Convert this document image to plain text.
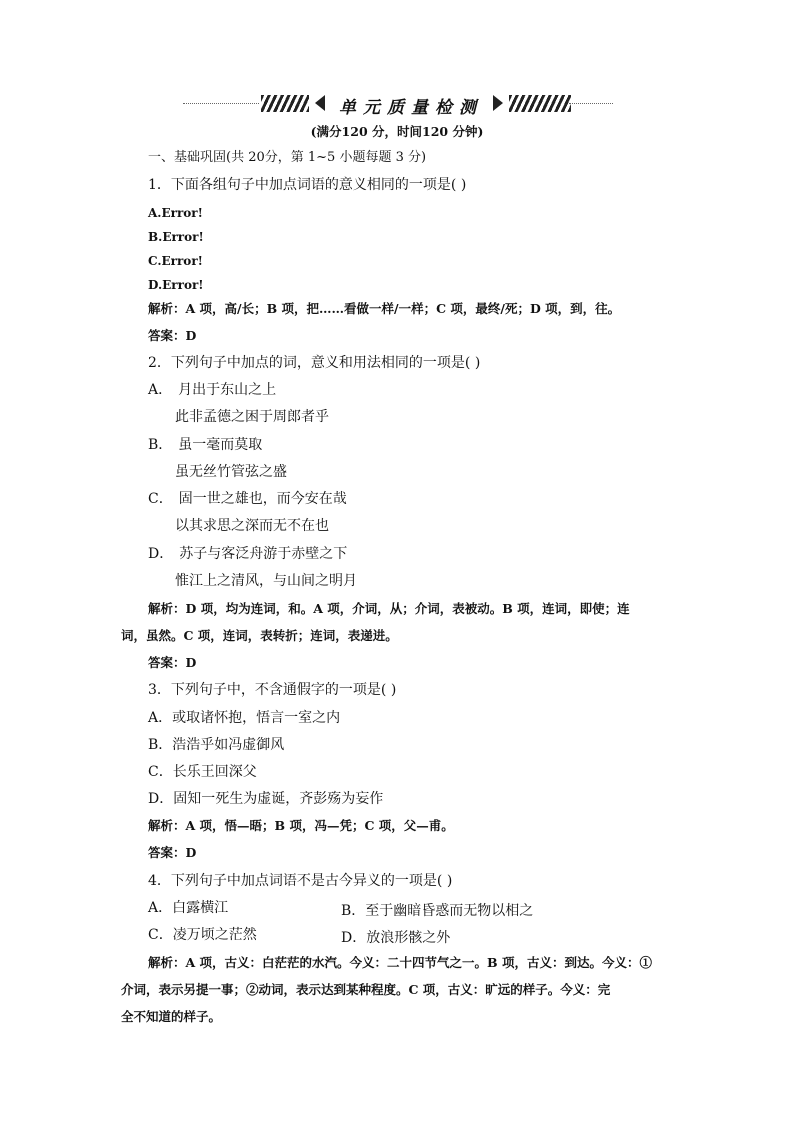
单元质量检测
(满分120 分，时间120 分钟)
一、基础巩固(共 20分，第 1~5 小题每题 3 分)
1．下面各组句子中加点词语的意义相同的一项是( )
A.Error!
B.Error!
C.Error!
D.Error!
解析：A 项，高/长；B 项，把……看做一样/一样；C 项，最终/死；D 项，到，往。
答案：D
2．下列句子中加点的词，意义和用法相同的一项是( )
A． 月出于东山之上
此非孟德之困于周郎者乎
B． 虽一毫而莫取
虽无丝竹管弦之盛
C． 固一世之雄也，而今安在哉
以其求思之深而无不在也
D． 苏子与客泛舟游于赤壁之下
惟江上之清风，与山间之明月
解析：D 项，均为连词，和。A 项，介词，从；介词，表被动。B 项，连词，即使；连
词，虽然。C 项，连词，表转折；连词，表递进。
答案：D
3．下列句子中，不含通假字的一项是( )
A．或取诸怀抱，悟言一室之内
B．浩浩乎如冯虚御风
C．长乐王回深父
D．固知一死生为虚诞，齐彭殇为妄作
解析：A 项，悟—晤；B 项，冯—凭；C 项，父—甫。
答案：D
4．下列句子中加点词语不是古今异义的一项是( )
A．白露横江	B．至于幽暗昏惑而无物以相之
C．凌万顷之茫然	D．放浪形骸之外
解析：A 项，古义：白茫茫的水汽。今义：二十四节气之一。B 项，古义：到达。今义：①
介词，表示另提一事；②动词，表示达到某种程度。C 项，古义：旷远的样子。今义：完
全不知道的样子。
